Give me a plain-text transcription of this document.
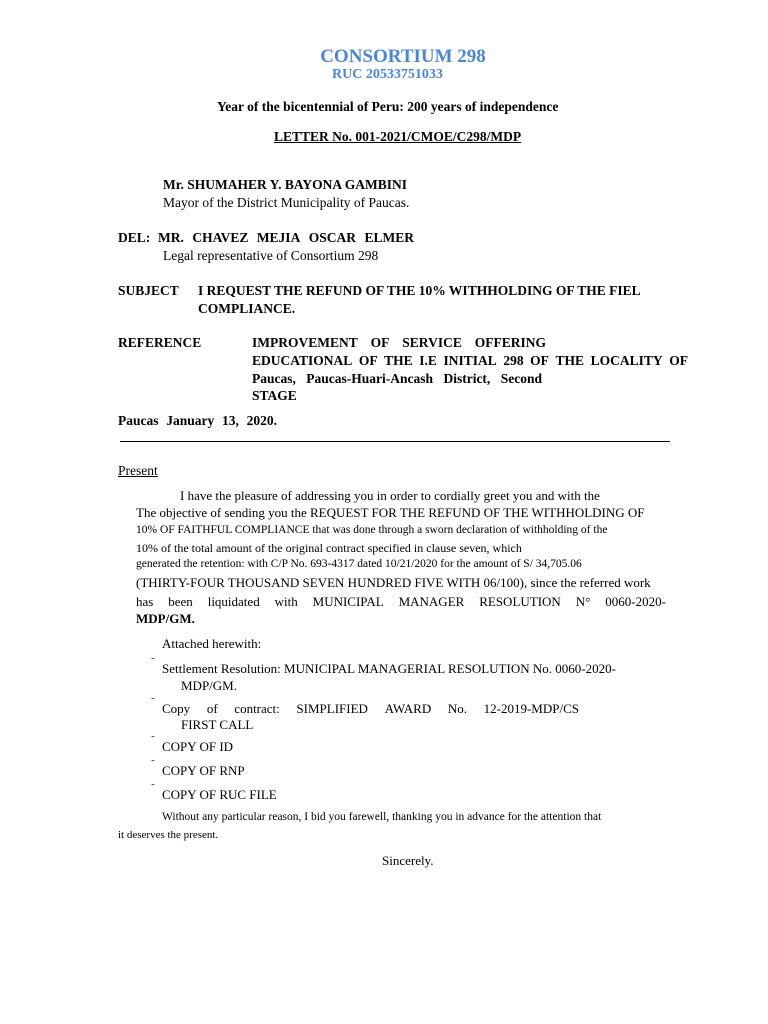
CONSORTIUM 298
RUC 20533751033
Year of the bicentennial of Peru: 200 years of independence
LETTER No. 001-2021/CMOE/C298/MDP
Mr. SHUMAHER Y. BAYONA GAMBINI
Mayor of the District Municipality of Paucas.
DEL: MR. CHAVEZ MEJIA OSCAR ELMER
Legal representative of Consortium 298
SUBJECT I REQUEST THE REFUND OF THE 10% WITHHOLDING OF THE FIEL
COMPLIANCE.
REFERENCE	IMPROVEMENT OF SERVICE OFFERING
EDUCATIONAL OF THE I.E INITIAL 298 OF THE LOCALITY OF
Paucas, Paucas-Huari-Ancash District, Second
STAGE
Paucas January 13, 2020.
Present
I have the pleasure of addressing you in order to cordially greet you and with the
The objective of sending you the REQUEST FOR THE REFUND OF THE WITHHOLDING OF
10% OF FAITHFUL COMPLIANCE that was done through a sworn declaration of withholding of the
10% of the total amount of the original contract specified in clause seven, which
generated the retention: with C/P No. 693-4317 dated 10/21/2020 for the amount of S/ 34,705.06
(THIRTY-FOUR THOUSAND SEVEN HUNDRED FIVE WITH 06/100), since the referred work
has been liquidated with MUNICIPAL MANAGER RESOLUTION N° 0060-2020-
MDP/GM.
Attached herewith:
˜ Settlement Resolution: MUNICIPAL MANAGERIAL RESOLUTION No. 0060-2020-
MDP/GM.
˜ Copy of contract: SIMPLIFIED AWARD No. 12-2019-MDP/CS
FIRST CALL
˜ COPY OF ID
˜ COPY OF RNP
˜ COPY OF RUC FILE
Without any particular reason, I bid you farewell, thanking you in advance for the attention that
it deserves the present.
Sincerely.
